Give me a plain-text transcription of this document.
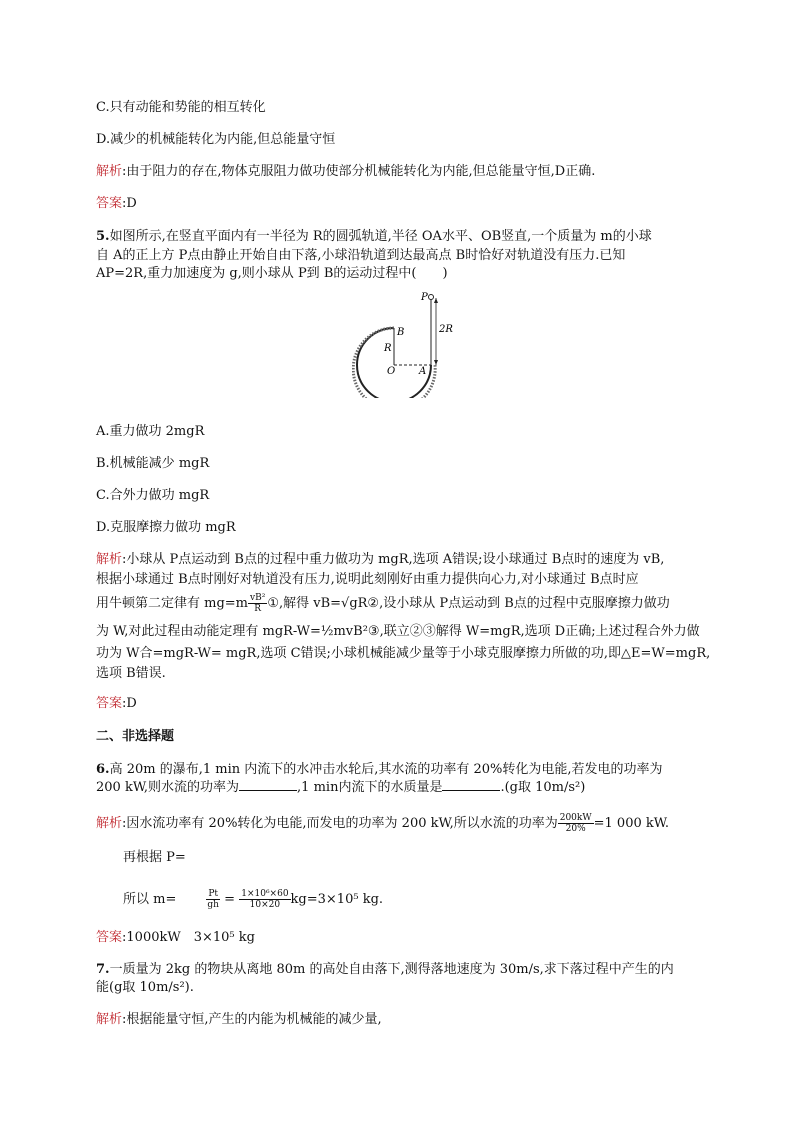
C.只有动能和势能的相互转化
D.减少的机械能转化为内能,但总能量守恒
解析:由于阻力的存在,物体克服阻力做功使部分机械能转化为内能,但总能量守恒,D正确.
答案:D
5.如图所示,在竖直平面内有一半径为 R的圆弧轨道,半径 OA水平、OB竖直,一个质量为 m的小球
自 A的正上方 P点由静止开始自由下落,小球沿轨道到达最高点 B时恰好对轨道没有压力.已知
AP=2R,重力加速度为 g,则小球从 P到 B的运动过程中(　　)
P
B
R
O A
2R
A.重力做功 2mgR
B.机械能减少 mgR
C.合外力做功 mgR
D.克服摩擦力做功 mgR
解析:小球从 P点运动到 B点的过程中重力做功为 mgR,选项 A错误;设小球通过 B点时的速度为 vB,
根据小球通过 B点时刚好对轨道没有压力,说明此刻刚好由重力提供向心力,对小球通过 B点时应
用牛顿第二定律有 $mg=m \frac{\text{vB²}}{R}$ ①,解得 vB=√gR②,设小球从 P点运动到 B点的过程中克服摩擦力做功
为 W,对此过程由动能定理有 mgR-W=½mvB²③,联立②③解得 W=mgR,选项 D正确;上述过程合外力做
功为 W合=mgR-W= mgR,选项 C错误;小球机械能减少量等于小球克服摩擦力所做的功,即△E=W=mgR,
选项 B错误.
答案:D
二、非选择题
6.高 20m 的瀑布,1 min 内流下的水冲击水轮后,其水流的功率有 20%转化为电能,若发电的功率为
200 kW,则水流的功率为	,1 min内流下的水质量是	.(g取 10m/s²)
解析:因水流功率有 20%转化为电能,而发电的功率为 200 kW,所以水流的功率为 $\frac{200kW}{20\%} =1$ 000 kW.
再根据 P=
所以 m=	$\frac{Pt}{gh} = \frac{\text{1×10⁶×60}}{10\times 20} kg=3\times 10^5$ kg.
答案:1000kW　3×10⁵ kg
7.一质量为 2kg 的物块从离地 80m 的高处自由落下,测得落地速度为 30m/s,求下落过程中产生的内
能(g取 10m/s²).
解析:根据能量守恒,产生的内能为机械能的减少量,
